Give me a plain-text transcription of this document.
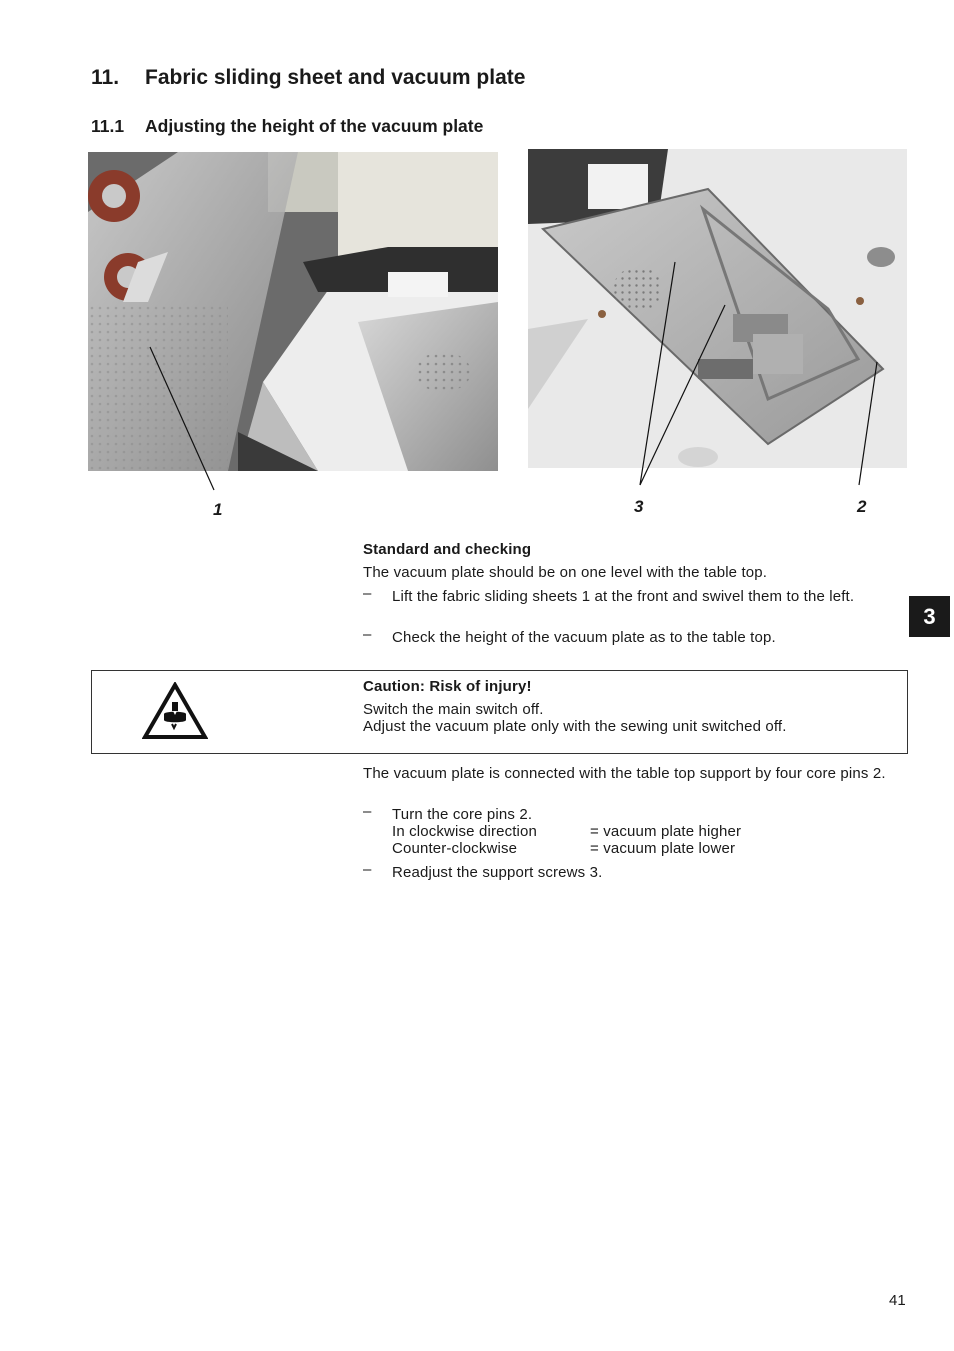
11. Fabric sliding sheet and vacuum plate
11.1 Adjusting the height of the vacuum plate
1	3	2
Standard and checking
The vacuum plate should be on one level with the table top.
– Lift the fabric sliding sheets 1 at the front and swivel them to the left.
– Check the height of the vacuum plate as to the table top.
Caution: Risk of injury!
Switch the main switch off.
Adjust the vacuum plate only with the sewing unit switched off.
The vacuum plate is connected with the table top support by four core pins 2.
– Turn the core pins 2.
In clockwise direction	= vacuum plate higher
Counter-clockwise	= vacuum plate lower
– Readjust the support screws 3.
3
41
